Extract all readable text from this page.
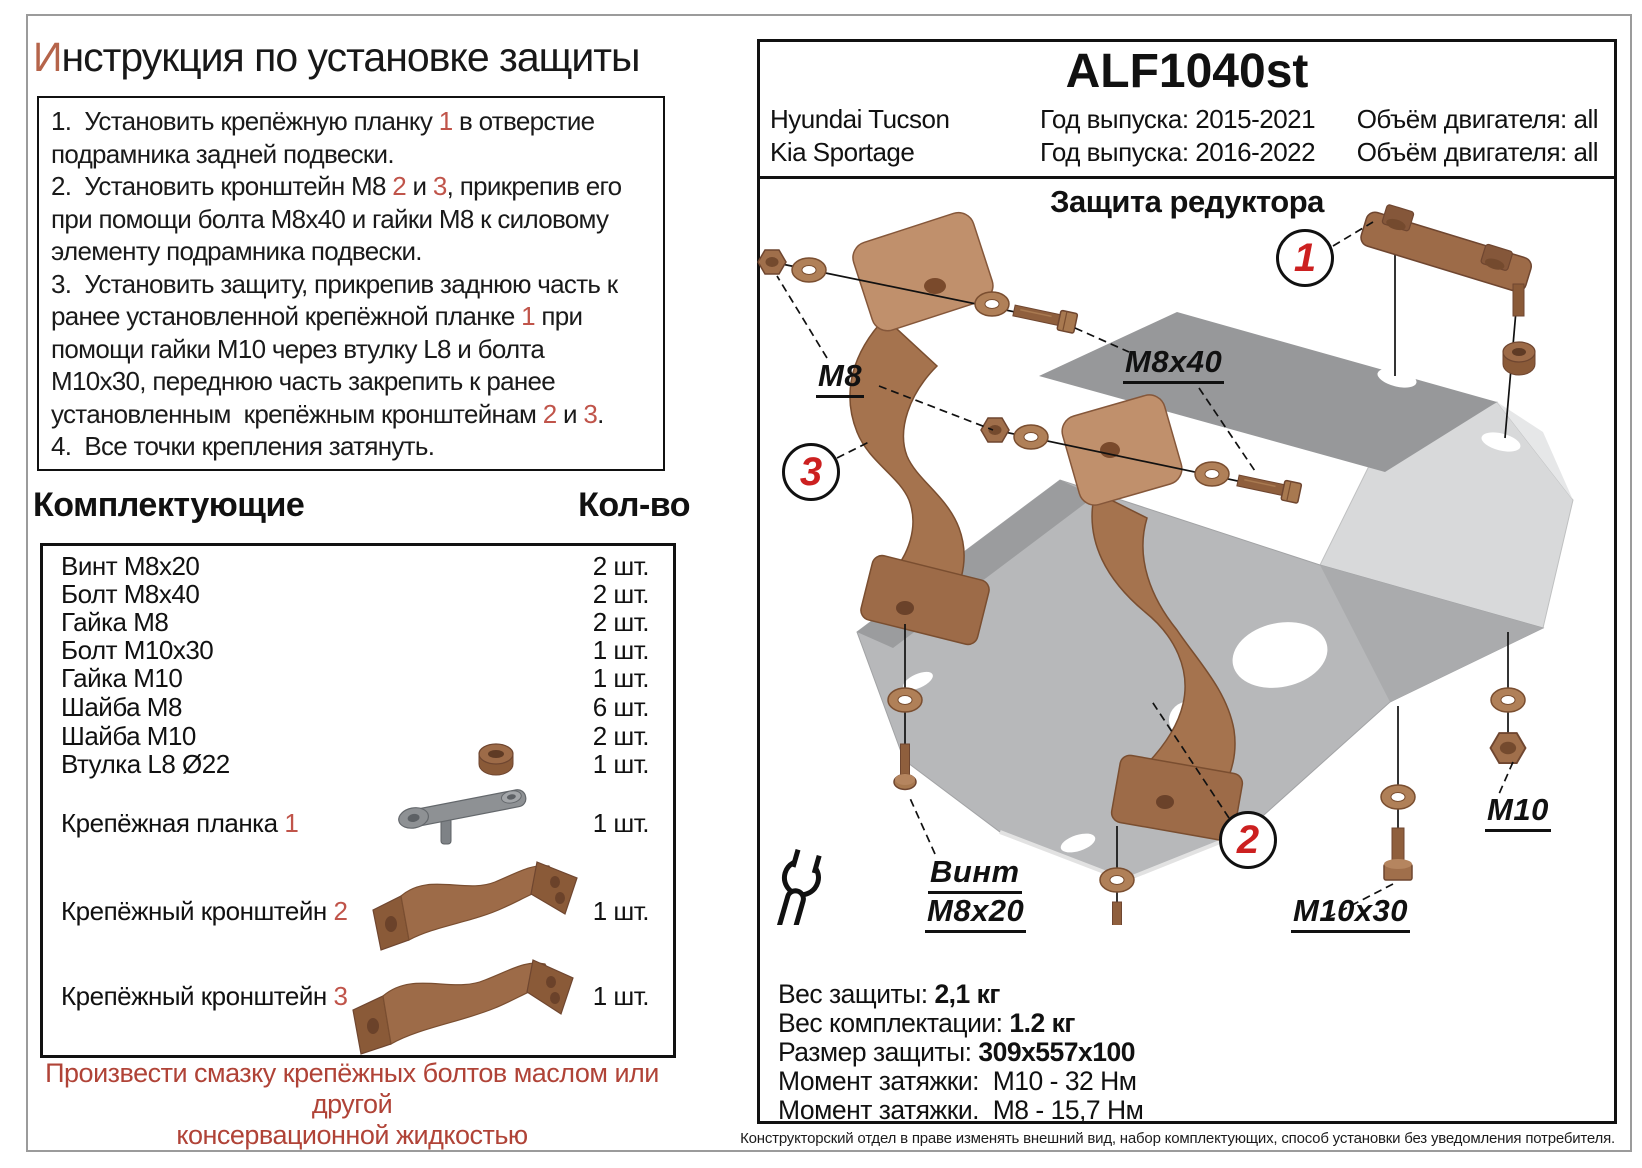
Инструкция по установке защиты
1.  Установить крепёжную планку 1 в отверстие
подрамника задней подвески.
2.  Установить кронштейн М8 2 и 3, прикрепив его
при помощи болта М8х40 и гайки М8 к силовому
элементу подрамника подвески.
3.  Установить защиту, прикрепив заднюю часть к
ранее установленной крепёжной планке 1 при
помощи гайки М10 через втулку L8 и болта
М10х30, переднюю часть закрепить к ранее
установленным  крепёжным кронштейнам 2 и 3.
4.  Все точки крепления затянуть.
Комплектующие	Кол-во
Винт М8х20	2 шт.
Болт М8х40	2 шт.
Гайка М8	2 шт.
Болт М10х30	1 шт.
Гайка М10	1 шт.
Шайба М8	6 шт.
Шайба М10	2 шт.
Втулка L8 Ø22	1 шт.
Крепёжная планка 1	1 шт.
Крепёжный кронштейн 2	1 шт.
Крепёжный кронштейн 3	1 шт.
Произвести смазку крепёжных болтов маслом или другой
консервационной жидкостью
ALF1040st
Hyundai Tucson	Год выпуска: 2015-2021	Объём двигателя: all
Kia Sportage	Год выпуска: 2016-2022	Объём двигателя: all
Защита редуктора
M8	M8x40
Винт
М8х20	М10х30
М10
1
2
3
Вес защиты: 2,1 кг
Вес комплектации: 1.2 кг
Размер защиты: 309х557х100
Момент затяжки:  М10 - 32 Нм
Момент затяжки.  М8 - 15,7 Нм
Конструкторский отдел в праве изменять внешний вид, набор комплектующих, способ установки без уведомления потребителя.
